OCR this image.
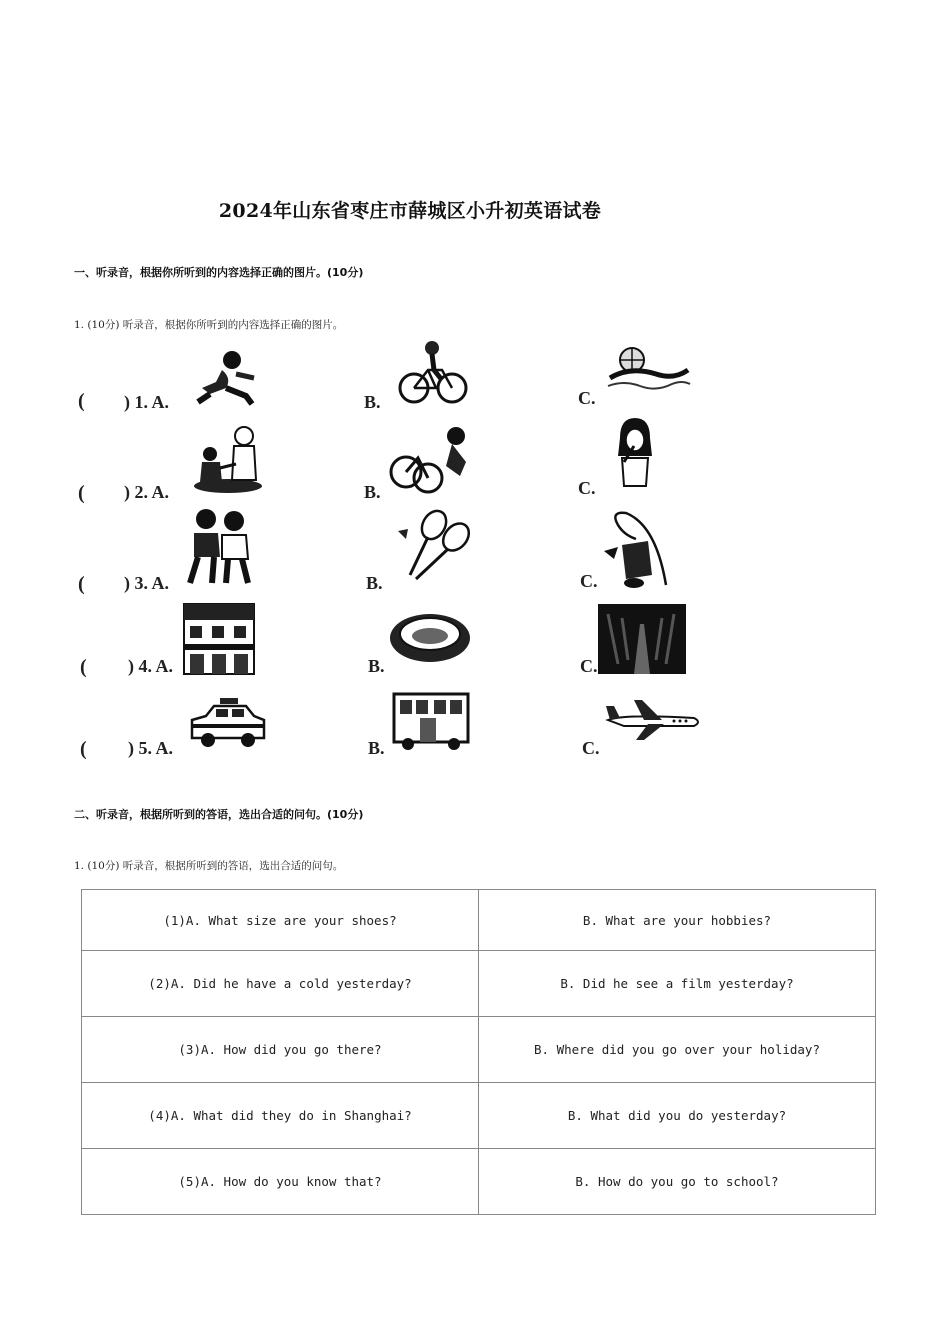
2024年山东省枣庄市薛城区小升初英语试卷
一、听录音，根据你所听到的内容选择正确的图片。(10分)
1. (10分) 听录音，根据你所听到的内容选择正确的图片。
( ) 1. A.	B.	C.
( ) 2. A.	B.	C.
( ) 3. A.	B.	C.
( ) 4. A.	B.	C.
( ) 5. A.	B.	C.
二、听录音，根据所听到的答语，选出合适的问句。(10分)
1. (10分) 听录音，根据所听到的答语，选出合适的问句。
(1)A. What size are your shoes?	B. What are your hobbies?
(2)A. Did he have a cold yesterday?	B. Did he see a film yesterday?
(3)A. How did you go there?	B. Where did you go over your holiday?
(4)A. What did they do in Shanghai?	B. What did you do yesterday?
(5)A. How do you know that?	B. How do you go to school?
